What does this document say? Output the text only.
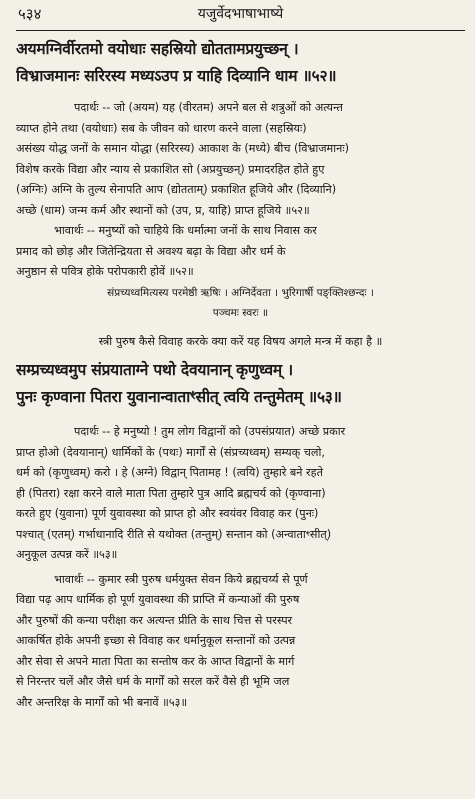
५३४	यजुर्वेदभाषाभाष्ये
अयमग्निर्वीरतमो वयोधाः सहस्रियो द्योततामप्रयुच्छन् ।
विभ्राजमानः सरिरस्य मध्यऽउप प्र याहि दिव्यानि धाम ॥५२॥
पदार्थः -- जो (अयम) यह (वीरतम) अपने बल से शत्रुओं को अत्यन्त
व्याप्त होने तथा (वयोधाः) सब के जीवन को धारण करने वाला (सहस्रियः)
असंख्य योद्ध जनों के समान योद्धा (सरिरस्य) आकाश के (मध्ये) बीच (विभ्राजमानः)
विशेष करके विद्या और न्याय से प्रकाशित सो (अप्रयुच्छन्) प्रमादरहित होते हुए
(अग्निः) अग्नि के तुल्य सेनापति आप (द्योतताम्) प्रकाशित हूजिये और (दिव्यानि)
अच्छे (धाम) जन्म कर्म और स्थानों को (उप, प्र, याहि) प्राप्त हूजिये ॥५२॥
भावार्थः -- मनुष्यों को चाहिये कि धर्मात्मा जनों के साथ निवास कर
प्रमाद को छोड़ और जितेन्द्रियता से अवश्य बढ़ा के विद्या और धर्म के
अनुष्ठान से पवित्र होके परोपकारी होवें ॥५२॥
संप्रच्यध्वमित्यस्य परमेष्ठी ऋषिः । अग्निर्देवता । भुरिगार्षी पङ्क्तिश्छन्दः ।
पञ्चमः स्वरः ॥
स्त्री पुरुष कैसे विवाह करके क्या करें यह विषय अगले मन्त्र में कहा है ॥
सम्प्रच्यध्वमुप संप्रयाताग्ने पथो देवयानान् कृणुध्वम् ।
पुनः कृण्वाना पितरा युवानान्वाताꣳसीत् त्वयि तन्तुमेतम् ॥५३॥
पदार्थः -- हे मनुष्यो ! तुम लोग विद्वानों को (उपसंप्रयात) अच्छे प्रकार
प्राप्त होओ (देवयानान्) धार्मिकों के (पथः) मार्गों से (संप्रच्यध्वम्) सम्यक् चलो,
धर्म को (कृणुध्वम्) करो । हे (अग्ने) विद्वान् पितामह ! (त्वयि) तुम्हारे बने रहते
ही (पितरा) रक्षा करने वाले माता पिता तुम्हारे पुत्र आदि ब्रह्मचर्य को (कृण्वाना)
करते हुए (युवाना) पूर्ण युवावस्था को प्राप्त हो और स्वयंवर विवाह कर (पुनः)
पश्चात् (एतम्) गर्भाधानादि रीति से यथोक्त (तन्तुम्) सन्तान को (अन्वाताꣳसीत्)
अनुकूल उत्पन्न करें ॥५३॥
भावार्थः -- कुमार स्त्री पुरुष धर्मयुक्त सेवन किये ब्रह्मचर्य्य से पूर्ण
विद्या पढ़ आप धार्मिक हो पूर्ण युवावस्था की प्राप्ति में कन्याओं की पुरुष
और पुरुषों की कन्या परीक्षा कर अत्यन्त प्रीति के साथ चित्त से परस्पर
आकर्षित होके अपनी इच्छा से विवाह कर धर्मानुकूल सन्तानों को उत्पन्न
और सेवा से अपने माता पिता का सन्तोष कर के आप्त विद्वानों के मार्ग
से निरन्तर चलें और जैसे धर्म के मार्गों को सरल करें वैसे ही भूमि जल
और अन्तरिक्ष के मार्गों को भी बनावें ॥५३॥
